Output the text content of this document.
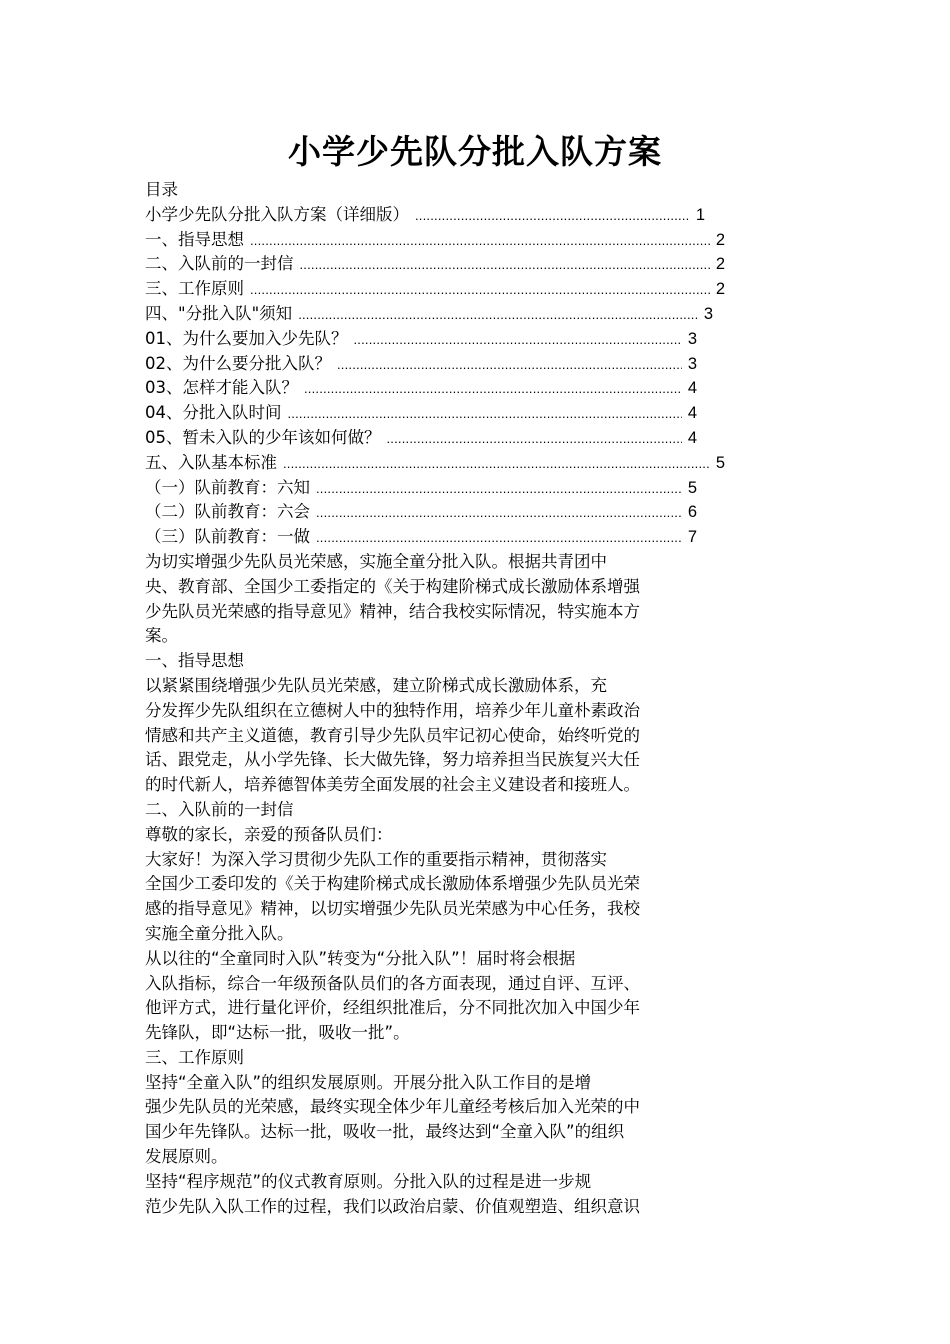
小学少先队分批入队方案
目录
小学少先队分批入队方案（详细版） .....	1
一、指导思想 .....	2
二、入队前的一封信 .....	2
三、工作原则 .....	2
四、"分批入队"须知 .....	3
01、为什么要加入少先队？ .....	3
02、为什么要分批入队？ .....	3
03、怎样才能入队？ .....	4
04、分批入队时间 .....	4
05、暂未入队的少年该如何做？ .....	4
五、入队基本标准 .....	5
（一）队前教育：六知 .....	5
（二）队前教育：六会 .....	6
（三）队前教育：一做 .....	7
为切实增强少先队员光荣感，实施全童分批入队。根据共青团中
央、教育部、全国少工委指定的《关于构建阶梯式成长激励体系增强
少先队员光荣感的指导意见》精神，结合我校实际情况，特实施本方
案。
一、指导思想
以紧紧围绕增强少先队员光荣感，建立阶梯式成长激励体系，充
分发挥少先队组织在立德树人中的独特作用，培养少年儿童朴素政治
情感和共产主义道德，教育引导少先队员牢记初心使命，始终听党的
话、跟党走，从小学先锋、长大做先锋，努力培养担当民族复兴大任
的时代新人，培养德智体美劳全面发展的社会主义建设者和接班人。
二、入队前的一封信
尊敬的家长，亲爱的预备队员们：
大家好！为深入学习贯彻少先队工作的重要指示精神，贯彻落实
全国少工委印发的《关于构建阶梯式成长激励体系增强少先队员光荣
感的指导意见》精神，以切实增强少先队员光荣感为中心任务，我校
实施全童分批入队。
从以往的“全童同时入队”转变为“分批入队”！届时将会根据
入队指标，综合一年级预备队员们的各方面表现，通过自评、互评、
他评方式，进行量化评价，经组织批准后，分不同批次加入中国少年
先锋队，即“达标一批，吸收一批”。
三、工作原则
坚持“全童入队”的组织发展原则。开展分批入队工作目的是增
强少先队员的光荣感，最终实现全体少年儿童经考核后加入光荣的中
国少年先锋队。达标一批，吸收一批，最终达到“全童入队”的组织
发展原则。
坚持“程序规范”的仪式教育原则。分批入队的过程是进一步规
范少先队入队工作的过程，我们以政治启蒙、价值观塑造、组织意识
